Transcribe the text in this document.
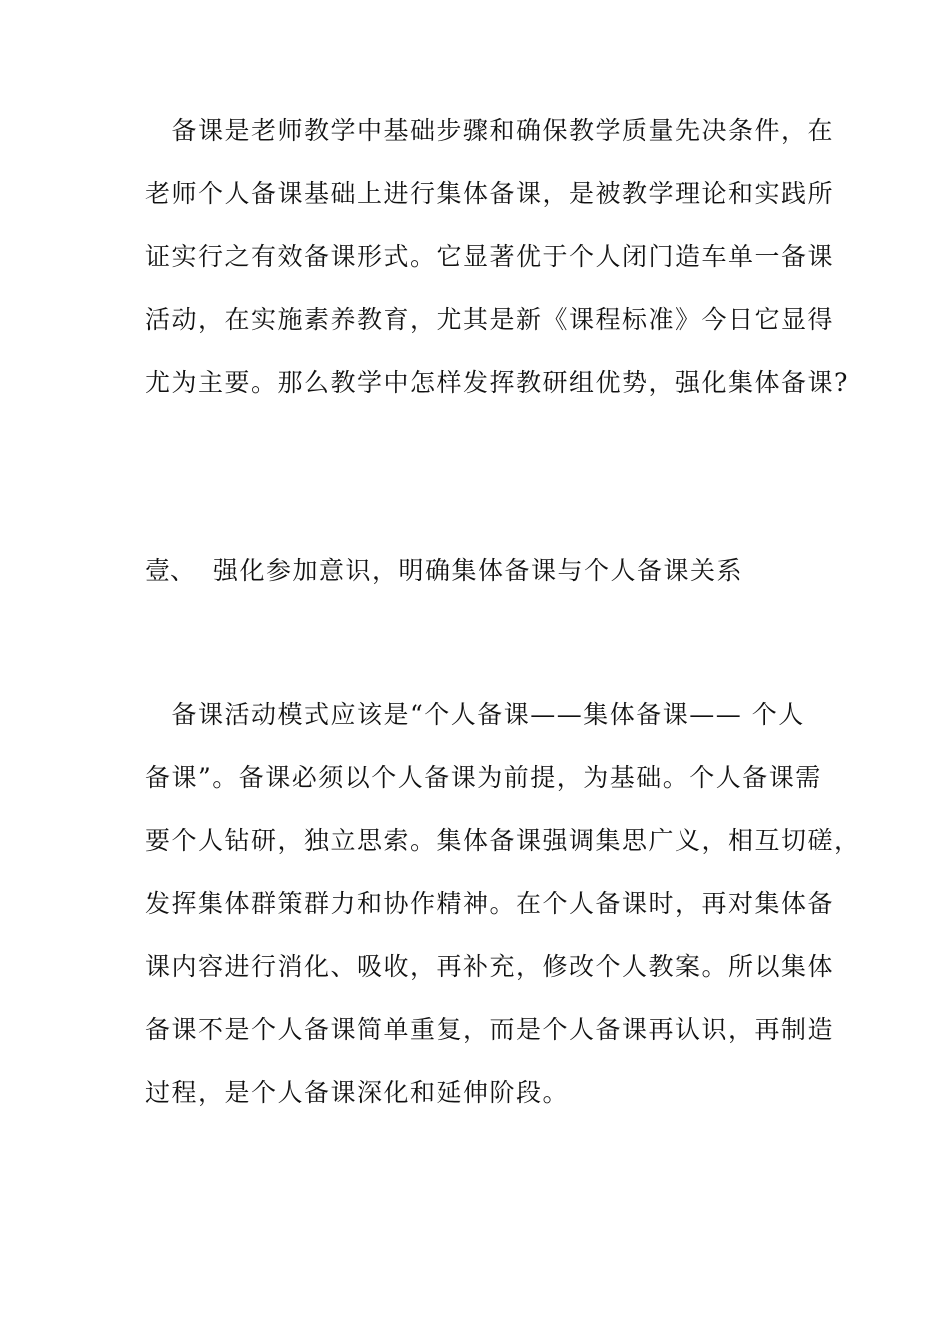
　备课是老师教学中基础步骤和确保教学质量先决条件，在
老师个人备课基础上进行集体备课，是被教学理论和实践所
证实行之有效备课形式。它显著优于个人闭门造车单一备课
活动，在实施素养教育，尤其是新《课程标准》今日它显得
尤为主要。那么教学中怎样发挥教研组优势，强化集体备课?
壹、 强化参加意识，明确集体备课与个人备课关系
　备课活动模式应该是“个人备课——集体备课—— 个人
备课”。备课必须以个人备课为前提，为基础。个人备课需
要个人钻研，独立思索。集体备课强调集思广义，相互切磋，
发挥集体群策群力和协作精神。在个人备课时，再对集体备
课内容进行消化、吸收，再补充，修改个人教案。所以集体
备课不是个人备课简单重复，而是个人备课再认识，再制造
过程，是个人备课深化和延伸阶段。
